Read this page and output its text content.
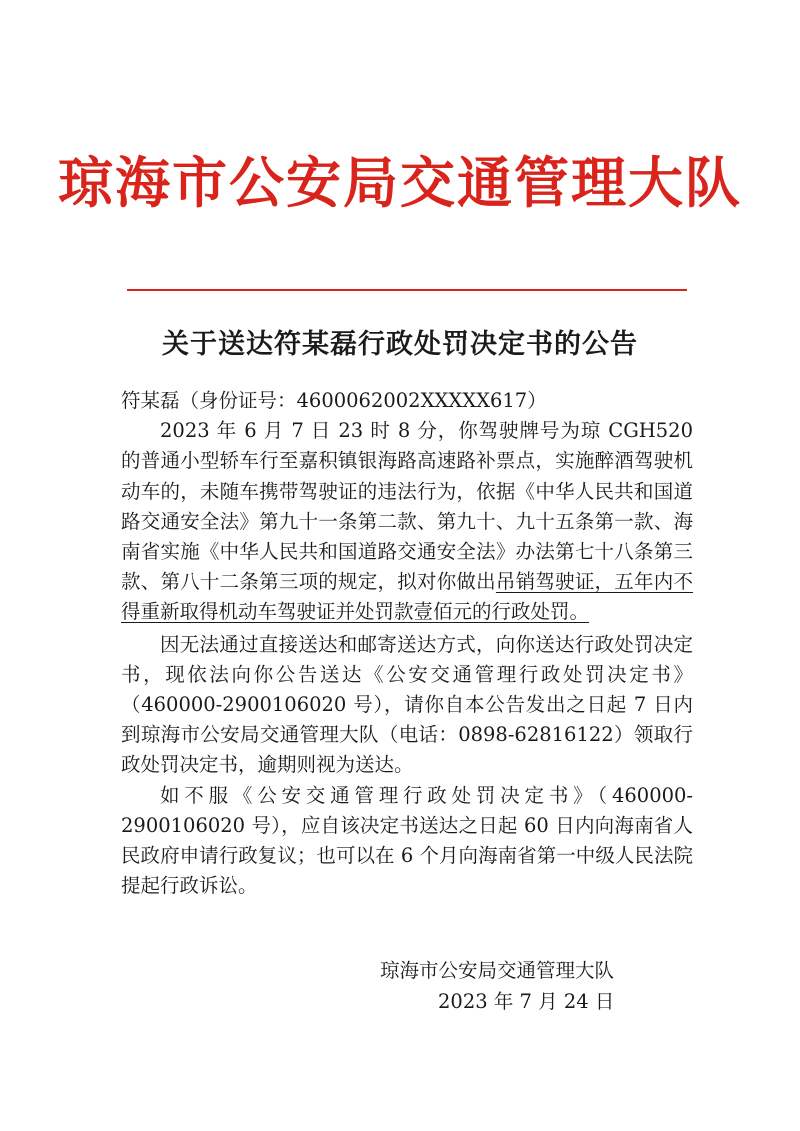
琼海市公安局交通管理大队
关于送达符某磊行政处罚决定书的公告

符某磊（身份证号：4600062002XXXXX617）

2023 年 6 月 7 日 23 时 8 分，你驾驶牌号为琼 CGH520 的普通小型轿车行至嘉积镇银海路高速路补票点，实施醉酒驾驶机动车的，未随车携带驾驶证的违法行为，依据《中华人民共和国道路交通安全法》第九十一条第二款、第九十、九十五条第一款、海南省实施《中华人民共和国道路交通安全法》办法第七十八条第三款、第八十二条第三项的规定，拟对你做出吊销驾驶证，五年内不得重新取得机动车驾驶证并处罚款壹佰元的行政处罚。

因无法通过直接送达和邮寄送达方式，向你送达行政处罚决定书，现依法向你公告送达《公安交通管理行政处罚决定书》（460000-2900106020 号），请你自本公告发出之日起 7 日内到琼海市公安局交通管理大队（电话：0898-62816122）领取行政处罚决定书，逾期则视为送达。

如不服《公安交通管理行政处罚决定书》（460000-2900106020 号），应自该决定书送达之日起 60 日内向海南省人民政府申请行政复议；也可以在 6 个月向海南省第一中级人民法院提起行政诉讼。

琼海市公安局交通管理大队
2023 年 7 月 24 日
